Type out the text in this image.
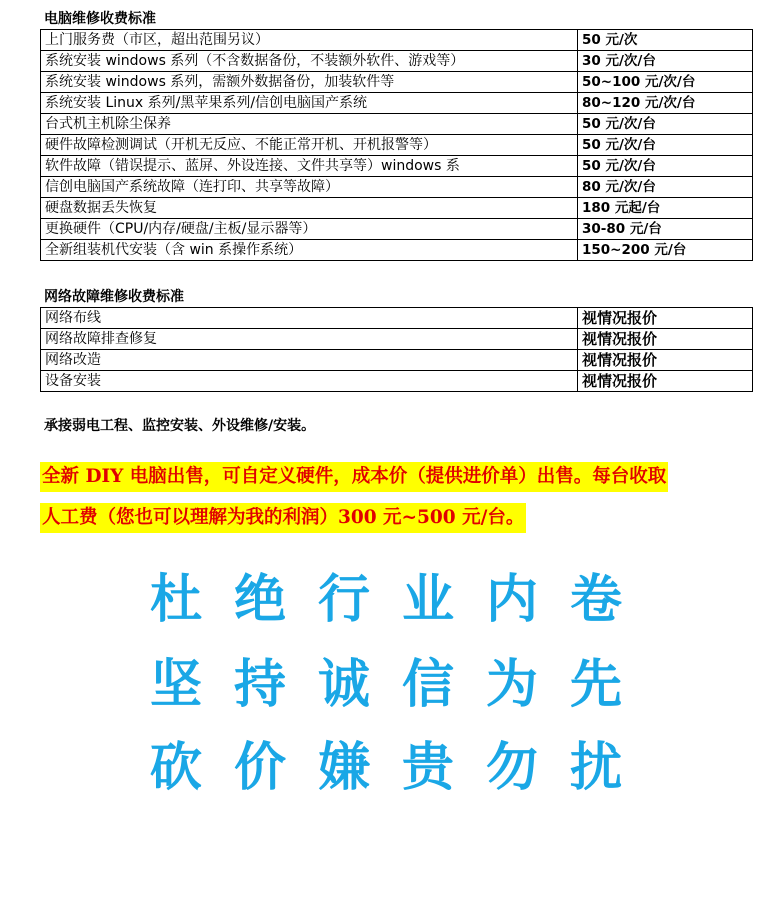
电脑维修收费标准
上门服务费（市区，超出范围另议）	50 元/次
系统安装 windows 系列（不含数据备份，不装额外软件、游戏等）	30 元/次/台
系统安装 windows 系列，需额外数据备份，加装软件等	50~100 元/次/台
系统安装 Linux 系列/黑苹果系列/信创电脑国产系统	80~120 元/次/台
台式机主机除尘保养	50 元/次/台
硬件故障检测调试（开机无反应、不能正常开机、开机报警等）	50 元/次/台
软件故障（错误提示、蓝屏、外设连接、文件共享等）windows 系	50 元/次/台
信创电脑国产系统故障（连打印、共享等故障）	80 元/次/台
硬盘数据丢失恢复	180 元起/台
更换硬件（CPU/内存/硬盘/主板/显示器等）	30-80 元/台
全新组装机代安装（含 win 系操作系统）	150~200 元/台
网络故障维修收费标准
网络布线	视情况报价
网络故障排查修复	视情况报价
网络改造	视情况报价
设备安装	视情况报价
承接弱电工程、监控安装、外设维修/安装。
全新 DIY 电脑出售，可自定义硬件，成本价（提供进价单）出售。每台收取
人工费（您也可以理解为我的利润）300 元~500 元/台。
杜绝行业内卷
坚持诚信为先
砍价嫌贵勿扰
